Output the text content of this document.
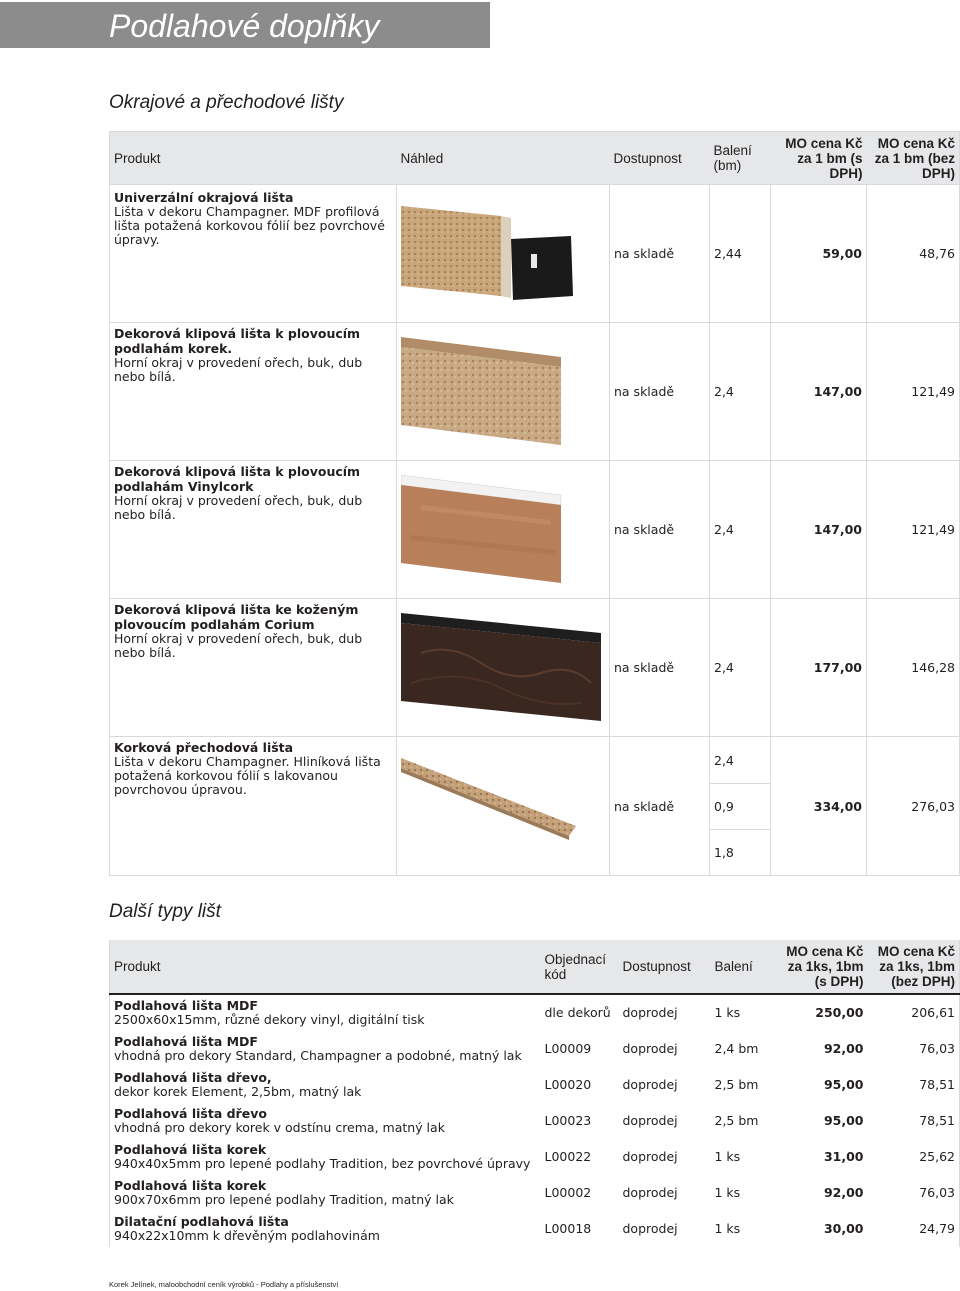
Podlahové doplňky
Okrajové a přechodové lišty
Produkt	Náhled	Dostupnost	Balení (bm)	MO cena Kč za 1 bm (s DPH)	MO cena Kč za 1 bm (bez DPH)

Univerzální okrajová lišta
Lišta v dekoru Champagner. MDF profilová lišta potažená korkovou fólií bez povrchové úpravy.		na skladě	2,44	59,00	48,76

Dekorová klipová lišta k plovoucím podlahám korek.
Horní okraj v provedení ořech, buk, dub nebo bílá.		na skladě	2,4	147,00	121,49

Dekorová klipová lišta k plovoucím podlahám Vinylcork
Horní okraj v provedení ořech, buk, dub nebo bílá.		na skladě	2,4	147,00	121,49

Dekorová klipová lišta ke koženým plovoucím podlahám Corium
Horní okraj v provedení ořech, buk, dub nebo bílá.		na skladě	2,4	177,00	146,28

Korková přechodová lišta
Lišta v dekoru Champagner. Hliníková lišta potažená korkovou fólií s lakovanou povrchovou úpravou.		na skladě	2,4	334,00	276,03
			0,9		
			1,8		
Další typy lišt
Produkt	Objednací kód	Dostupnost	Balení	MO cena Kč za 1ks, 1bm (s DPH)	MO cena Kč za 1ks, 1bm (bez DPH)

Podlahová lišta MDF
2500x60x15mm, různé dekory vinyl, digitální tisk	dle dekorů	doprodej	1 ks	250,00	206,61

Podlahová lišta MDF
vhodná pro dekory Standard, Champagner a podobné, matný lak	L00009	doprodej	2,4 bm	92,00	76,03

Podlahová lišta dřevo,
dekor korek Element, 2,5bm, matný lak	L00020	doprodej	2,5 bm	95,00	78,51

Podlahová lišta dřevo
vhodná pro dekory korek v odstínu crema, matný lak	L00023	doprodej	2,5 bm	95,00	78,51

Podlahová lišta korek
940x40x5mm pro lepené podlahy Tradition, bez povrchové úpravy	L00022	doprodej	1 ks	31,00	25,62

Podlahová lišta korek
900x70x6mm pro lepené podlahy Tradition, matný lak	L00002	doprodej	1 ks	92,00	76,03

Dilatační podlahová lišta
940x22x10mm k dřevěným podlahovinám	L00018	doprodej	1 ks	30,00	24,79
Korek Jelínek, maloobchodní ceník výrobků - Podlahy a příslušenství
